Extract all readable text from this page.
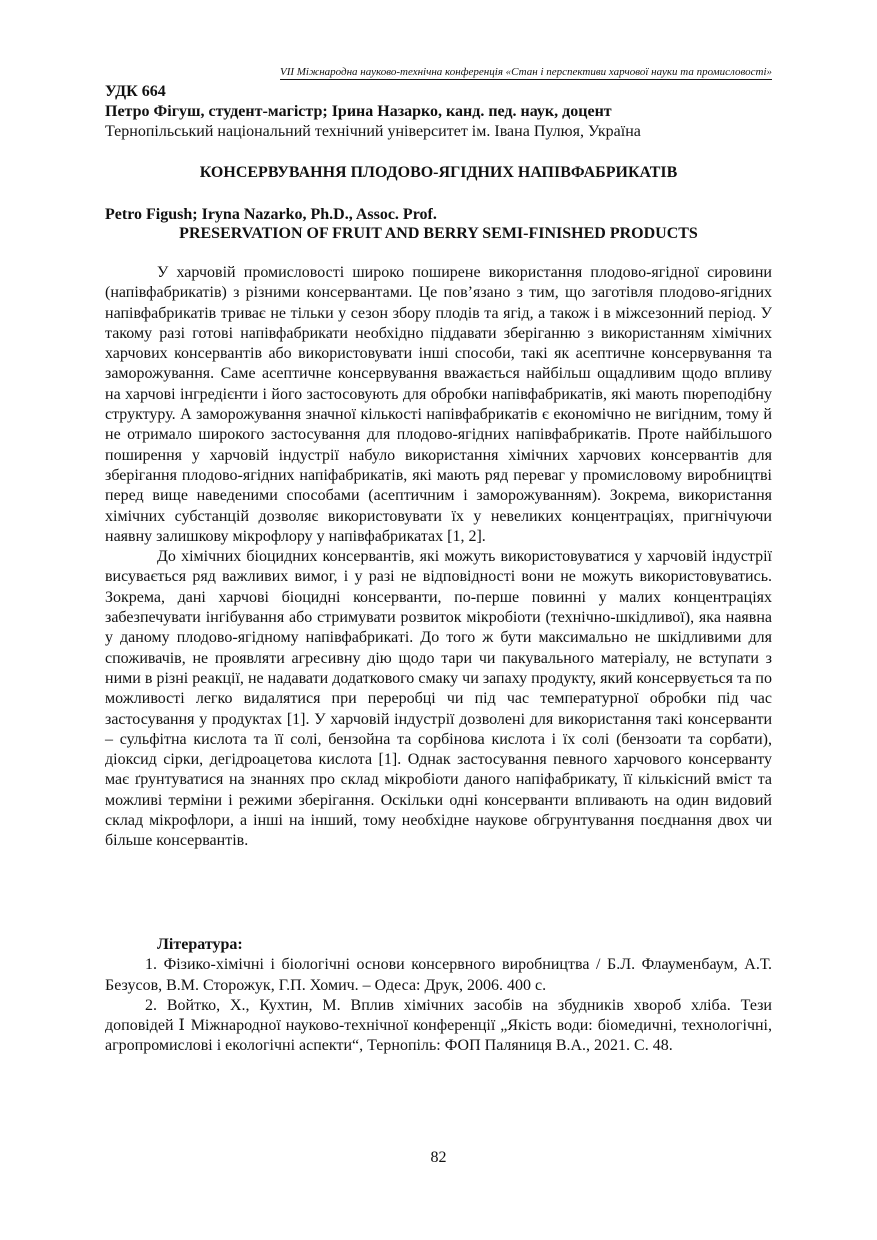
VII Міжнародна науково-технічна конференція «Стан і перспективи харчової науки та промисловості»
УДК 664
Петро Фігуш, студент-магістр; Ірина Назарко, канд. пед. наук, доцент
Тернопільський національний технічний університет ім. Івана Пулюя, Україна
КОНСЕРВУВАННЯ ПЛОДОВО-ЯГІДНИХ НАПІВФАБРИКАТІВ
Petro Figush; Iryna Nazarko, Ph.D., Assoc. Prof.
PRESERVATION OF FRUIT AND BERRY SEMI-FINISHED PRODUCTS

У харчовій промисловості широко поширене використання плодово-ягідної сировини (напівфабрикатів) з різними консервантами. Це пов’язано з тим, що заготівля плодово-ягідних напівфабрикатів триває не тільки у сезон збору плодів та ягід, а також і в міжсезонний період. У такому разі готові напівфабрикати необхідно піддавати зберіганню з використанням хімічних харчових консервантів або використовувати інші способи, такі як асептичне консервування та заморожування. Саме асептичне консервування вважається найбільш ощадливим щодо впливу на харчові інгредієнти і його застосовують для обробки напівфабрикатів, які мають пюреподібну структуру. А заморожування значної кількості напівфабрикатів є економічно не вигідним, тому й не отримало широкого застосування для плодово-ягідних напівфабрикатів. Проте найбільшого поширення у харчовій індустрії набуло використання хімічних харчових консервантів для зберігання плодово-ягідних напіфабрикатів, які мають ряд переваг у промисловому виробництві перед вище наведеними способами (асептичним і заморожуванням). Зокрема, використання хімічних субстанцій дозволяє використовувати їх у невеликих концентраціях, пригнічуючи наявну залишкову мікрофлору у напівфабрикатах [1, 2].

До хімічних біоцидних консервантів, які можуть використовуватися у харчовій індустрії висувається ряд важливих вимог, і у разі не відповідності вони не можуть використовуватись. Зокрема, дані харчові біоцидні консерванти, по-перше повинні у малих концентраціях забезпечувати інгібування або стримувати розвиток мікробіоти (технічно-шкідливої), яка наявна у даному плодово-ягідному напівфабрикаті. До того ж бути максимально не шкідливими для споживачів, не проявляти агресивну дію щодо тари чи пакувального матеріалу, не вступати з ними в різні реакції, не надавати додаткового смаку чи запаху продукту, який консервується та по можливості легко видалятися при переробці чи під час температурної обробки під час застосування у продуктах [1]. У харчовій індустрії дозволені для використання такі консерванти – сульфітна кислота та її солі, бензойна та сорбінова кислота і їх солі (бензоати та сорбати), діоксид сірки, дегідроацетова кислота [1]. Однак застосування певного харчового консерванту має ґрунтуватися на знаннях про склад мікробіоти даного напіфабрикату, її кількісний вміст та можливі терміни і режими зберігання. Оскільки одні консерванти впливають на один видовий склад мікрофлори, а інші на інший, тому необхідне наукове обгрунтування поєднання двох чи більше консервантів.

Література:

1. Фізико-хімічні і біологічні основи консервного виробництва / Б.Л. Флауменбаум, А.Т. Безусов, В.М. Сторожук, Г.П. Хомич. – Одеса: Друк, 2006. 400 с.

2. Войтко, Х., Кухтин, М. Вплив хімічних засобів на збудників хвороб хліба. Тези доповідей Ⅰ Міжнародної науково-технічної конференції „Якість води: біомедичні, технологічні, агропромислові і екологічні аспекти“, Тернопіль: ФОП Паляниця В.А., 2021. С. 48.

82
